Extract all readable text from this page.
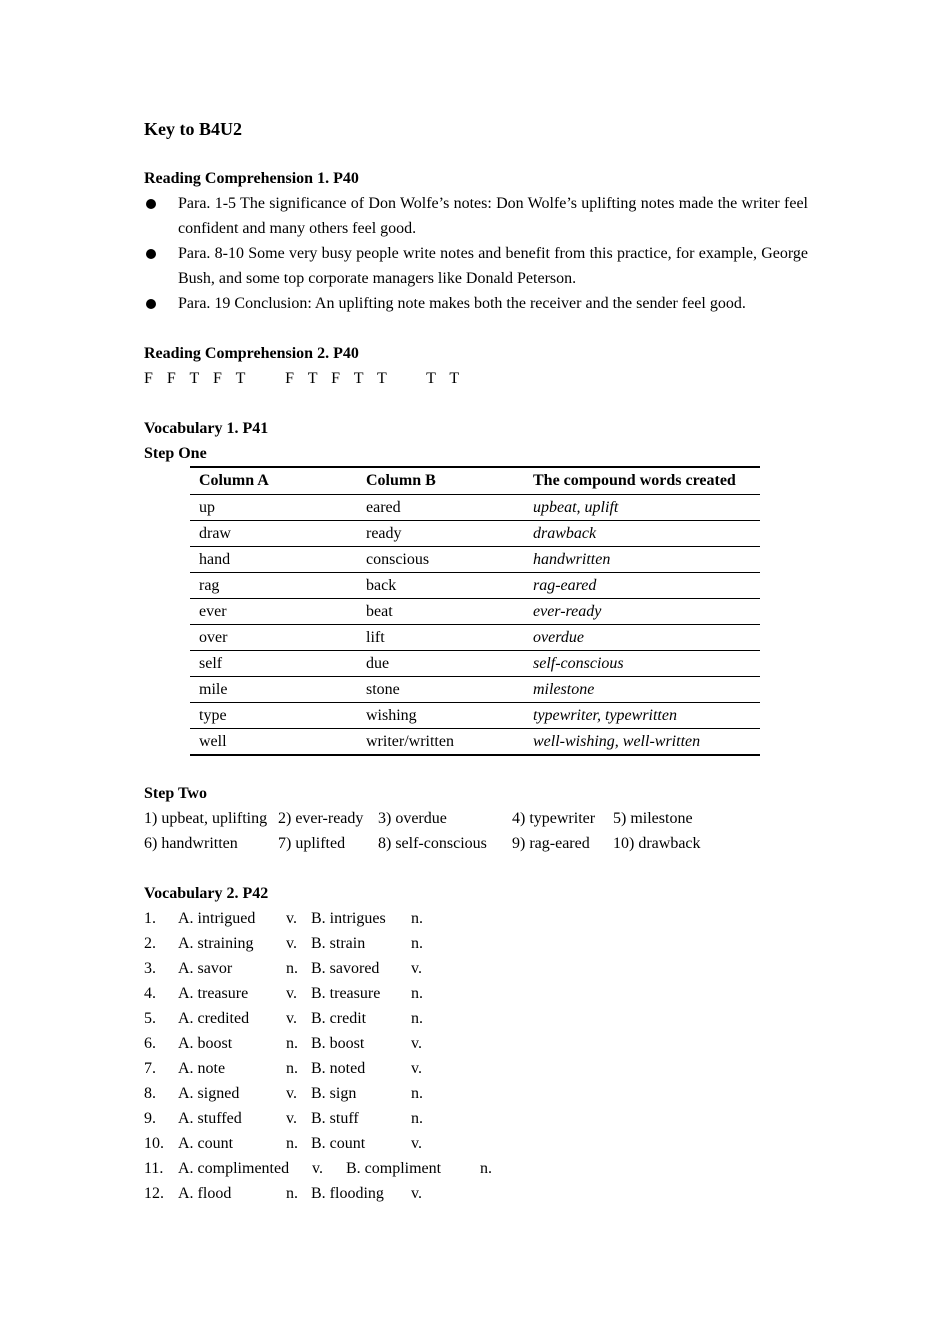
Key to B4U2
Reading Comprehension 1. P40
Para. 1-5 The significance of Don Wolfe’s notes: Don Wolfe’s uplifting notes made the writer feel confident and many others feel good.
Para. 8-10 Some very busy people write notes and benefit from this practice, for example, George Bush, and some top corporate managers like Donald Peterson.
Para. 19 Conclusion: An uplifting note makes both the receiver and the sender feel good.
Reading Comprehension 2. P40
F F T F T   F T F T T   T T
Vocabulary 1. P41
Step One
Column A	Column B	The compound words created
up	eared	upbeat, uplift
draw	ready	drawback
hand	conscious	handwritten
rag	back	rag-eared
ever	beat	ever-ready
over	lift	overdue
self	due	self-conscious
mile	stone	milestone
type	wishing	typewriter, typewritten
well	writer/written	well-wishing, well-written
Step Two
1) upbeat, uplifting 2) ever-ready 3) overdue	4) typewriter	5) milestone
6) handwritten	7) uplifted	8) self-conscious	9) rag-eared	10) drawback
Vocabulary 2. P42
1.	A. intrigued	v. B. intrigues	n.
2.	A. straining	v. B. strain	n.
3.	A. savor	n. B. savored	v.
4.	A. treasure	v. B. treasure	n.
5.	A. credited	v. B. credit	n.
6.	A. boost	n. B. boost	v.
7.	A. note	n. B. noted	v.
8.	A. signed	v. B. sign	n.
9.	A. stuffed	v. B. stuff	n.
10. A. count	n. B. count	v.
11. A. complimented	v.	B. compliment	n.
12. A. flood	n. B. flooding	v.
